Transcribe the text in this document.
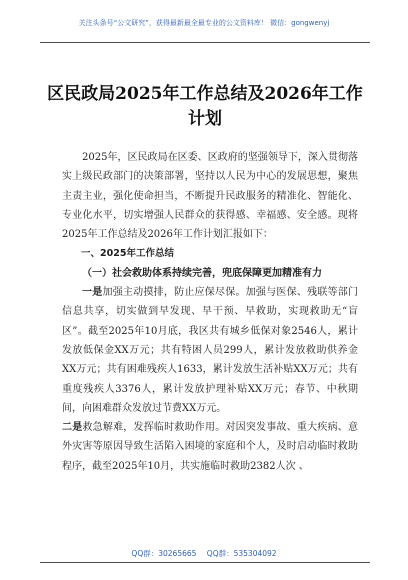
关注头条号“公文研究”，获得最新最全最专业的公文资料库！ 微信：gongwenyj
区民政局2025年工作总结及2026年工作计划

2025年，区民政局在区委、区政府的坚强领导下，深入贯彻落实上级民政部门的决策部署，坚持以人民为中心的发展思想，聚焦主责主业，强化使命担当，不断提升民政服务的精准化、智能化、专业化水平，切实增强人民群众的获得感、幸福感、安全感。现将2025年工作总结及2026年工作计划汇报如下：

一、2025年工作总结

（一）社会救助体系持续完善，兜底保障更加精准有力

一是加强主动摸排，防止应保尽保。加强与医保、残联等部门信息共享，切实做到早发现、早干预、早救助，实现救助无“盲区”。截至2025年10月底，我区共有城乡低保对象2546人，累计发放低保金XX万元；共有特困人员299人，累计发放救助供养金XX万元；共有困难残疾人1633，累计发放生活补贴XX万元；共有重度残疾人3376人，累计发放护理补贴XX万元；春节、中秋期间，向困难群众发放过节费XX万元。

二是救急解难，发挥临时救助作用。对因突发事故、重大疾病、意外灾害等原因导致生活陷入困境的家庭和个人，及时启动临时救助程序，截至2025年10月，共实施临时救助2382人次 、

QQ群：30265665 QQ群：535304092
